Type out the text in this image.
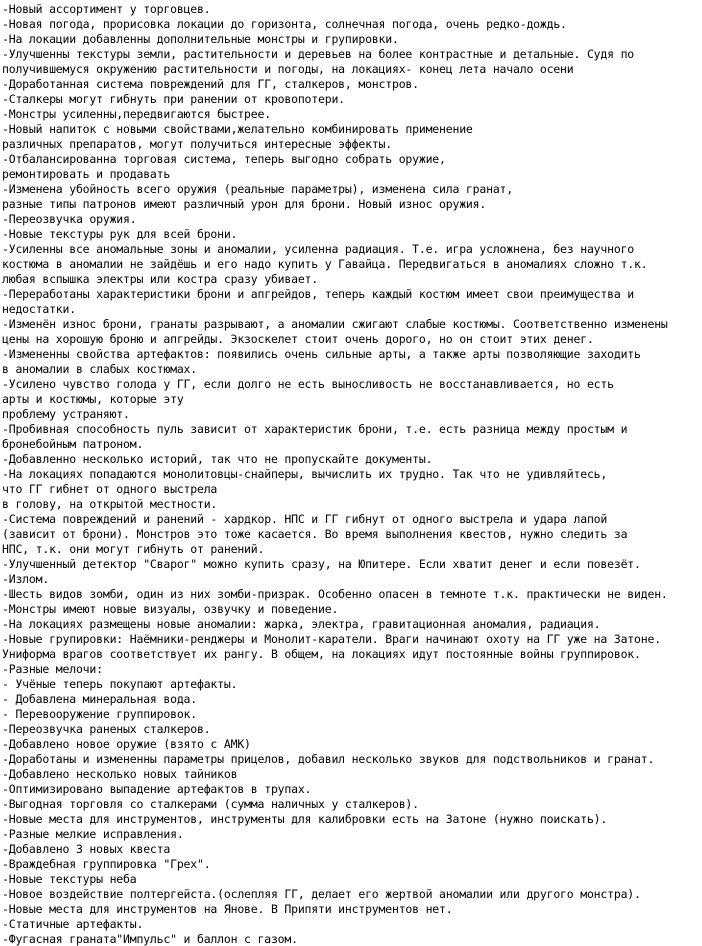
-Новый ассортимент у торговцев.
-Новая погода, прорисовка локации до горизонта, солнечная погода, очень редко-дождь.
-На локации добавленны дополнительные монстры и групировки.
-Улучшенны текстуры земли, растительности и деревьев на более контрастные и детальные. Судя по
получившемуся окружению растительности и погоды, на локациях- конец лета начало осени
-Доработанная система повреждений для ГГ, сталкеров, монстров.
-Сталкеры могут гибнуть при ранении от кровопотери.
-Монстры усиленны,передвигаются быстрее.
-Новый напиток с новыми свойствами,желательно комбинировать применение
различных препаратов, могут получиться интересные эффекты.
-Отбалансированна торговая система, теперь выгодно собрать оружие,
ремонтировать и продавать
-Изменена убойность всего оружия (реальные параметры), изменена сила гранат,
разные типы патронов имеют различный урон для брони. Новый износ оружия.
-Переозвучка оружия.
-Новые текстуры рук для всей брони.
-Усиленны все аномальные зоны и аномалии, усиленна радиация. Т.е. игра усложнена, без научного
костюма в аномалии не зайдёшь и его надо купить у Гавайца. Передвигаться в аномалиях сложно т.к.
любая вспышка электры или костра сразу убивает.
-Переработаны характеристики брони и апгрейдов, теперь каждый костюм имеет свои преимущества и
недостатки.
-Изменён износ брони, гранаты разрывают, а аномалии сжигают слабые костюмы. Соответственно изменены
цены на хорошую броню и апгрейды. Экзоскелет стоит очень дорого, но он стоит этих денег.
-Измененны свойства артефактов: появились очень сильные арты, а также арты позволяющие заходить
в аномалии в слабых костюмах.
-Усилено чувство голода у ГГ, если долго не есть выносливость не восстанавливается, но есть
арты и костюмы, которые эту
проблему устраняют.
-Пробивная способность пуль зависит от характеристик брони, т.е. есть разница между простым и
бронебойным патроном.
-Добавленно несколько историй, так что не пропускайте документы.
-На локациях попадаются монолитовцы-снайперы, вычислить их трудно. Так что не удивляйтесь,
что ГГ гибнет от одного выстрела
в голову, на открытой местности.
-Система повреждений и ранений - хардкор. НПС и ГГ гибнут от одного выстрела и удара лапой
(зависит от брони). Монстров это тоже касается. Во время выполнения квестов, нужно следить за
НПС, т.к. они могут гибнуть от ранений.
-Улучшенный детектор "Сварог" можно купить сразу, на Юпитере. Если хватит денег и если повезёт.
-Излом.
-Шесть видов зомби, один из них зомби-призрак. Особенно опасен в темноте т.к. практически не виден.
-Монстры имеют новые визуалы, озвучку и поведение.
-На локациях размещены новые аномалии: жарка, электра, гравитационная аномалия, радиация.
-Новые групировки: Наёмники-ренджеры и Монолит-каратели. Враги начинают охоту на ГГ уже на Затоне.
Униформа врагов соответствует их рангу. В общем, на локациях идут постоянные войны группировок.
-Разные мелочи:
- Учёные теперь покупают артефакты.
- Добавлена минеральная вода.
- Перевооружение группировок.
-Переозвучка раненых сталкеров.
-Добавлено новое оружие (взято с АМК)
-Доработаны и измененны параметры прицелов, добавил несколько звуков для подствольников и гранат.
-Добавлено несколько новых тайников
-Оптимизировано выпадение артефактов в трупах.
-Выгодная торговля со сталкерами (сумма наличных у сталкеров).
-Новые места для инструментов, инструменты для калибровки есть на Затоне (нужно поискать).
-Разные мелкие исправления.
-Добавлено 3 новых квеста
-Враждебная группировка "Грех".
-Новые текстуры неба
-Новое воздействие полтергейста.(ослепляя ГГ, делает его жертвой аномалии или другого монстра).
-Новые места для инструментов на Янове. В Припяти инструментов нет.
-Статичные артефакты.
-Фугасная граната"Импульс" и баллон с газом.
